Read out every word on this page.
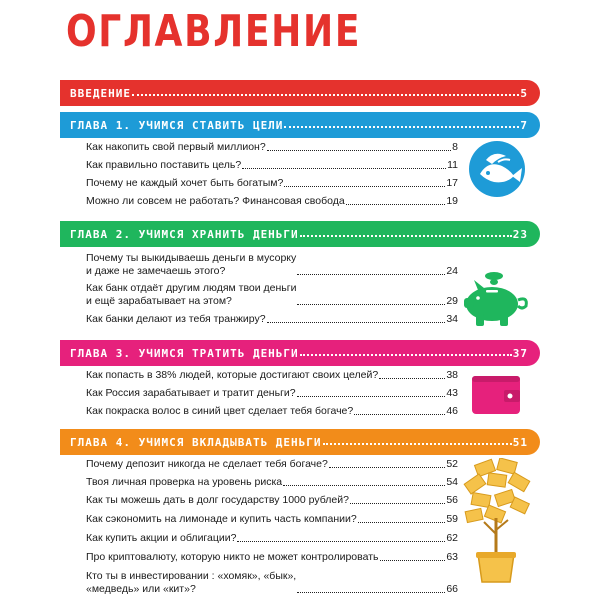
ОГЛАВЛЕНИЕ
ВВЕДЕНИЕ	5
ГЛАВА 1. УЧИМСЯ СТАВИТЬ ЦЕЛИ	7
Как накопить свой первый миллион?	8
Как правильно поставить цель?	11
Почему не каждый хочет быть богатым?	17
Можно ли совсем не работать? Финансовая свобода	19
ГЛАВА 2. УЧИМСЯ ХРАНИТЬ ДЕНЬГИ	23
Почему ты выкидываешь деньги в мусорку
и даже не замечаешь этого?	24
Как банк отдаёт другим людям твои деньги
и ещё зарабатывает на этом?	29
Как банки делают из тебя транжиру?	34
ГЛАВА 3. УЧИМСЯ ТРАТИТЬ ДЕНЬГИ	37
Как попасть в 38% людей, которые достигают своих целей?	38
Как Россия зарабатывает и тратит деньги?	43
Как покраска волос в синий цвет сделает тебя богаче?	46
ГЛАВА 4. УЧИМСЯ ВКЛАДЫВАТЬ ДЕНЬГИ	51
Почему депозит никогда не сделает тебя богаче?	52
Твоя личная проверка на уровень риска	54
Как ты можешь дать в долг государству 1000 рублей?	56
Как сэкономить на лимонаде и купить часть компании?	59
Как купить акции и облигации?	62
Про криптовалюту, которую никто не может контролировать	63
Кто ты в инвестировании : «хомяк», «бык»,
«медведь» или «кит»?	66
